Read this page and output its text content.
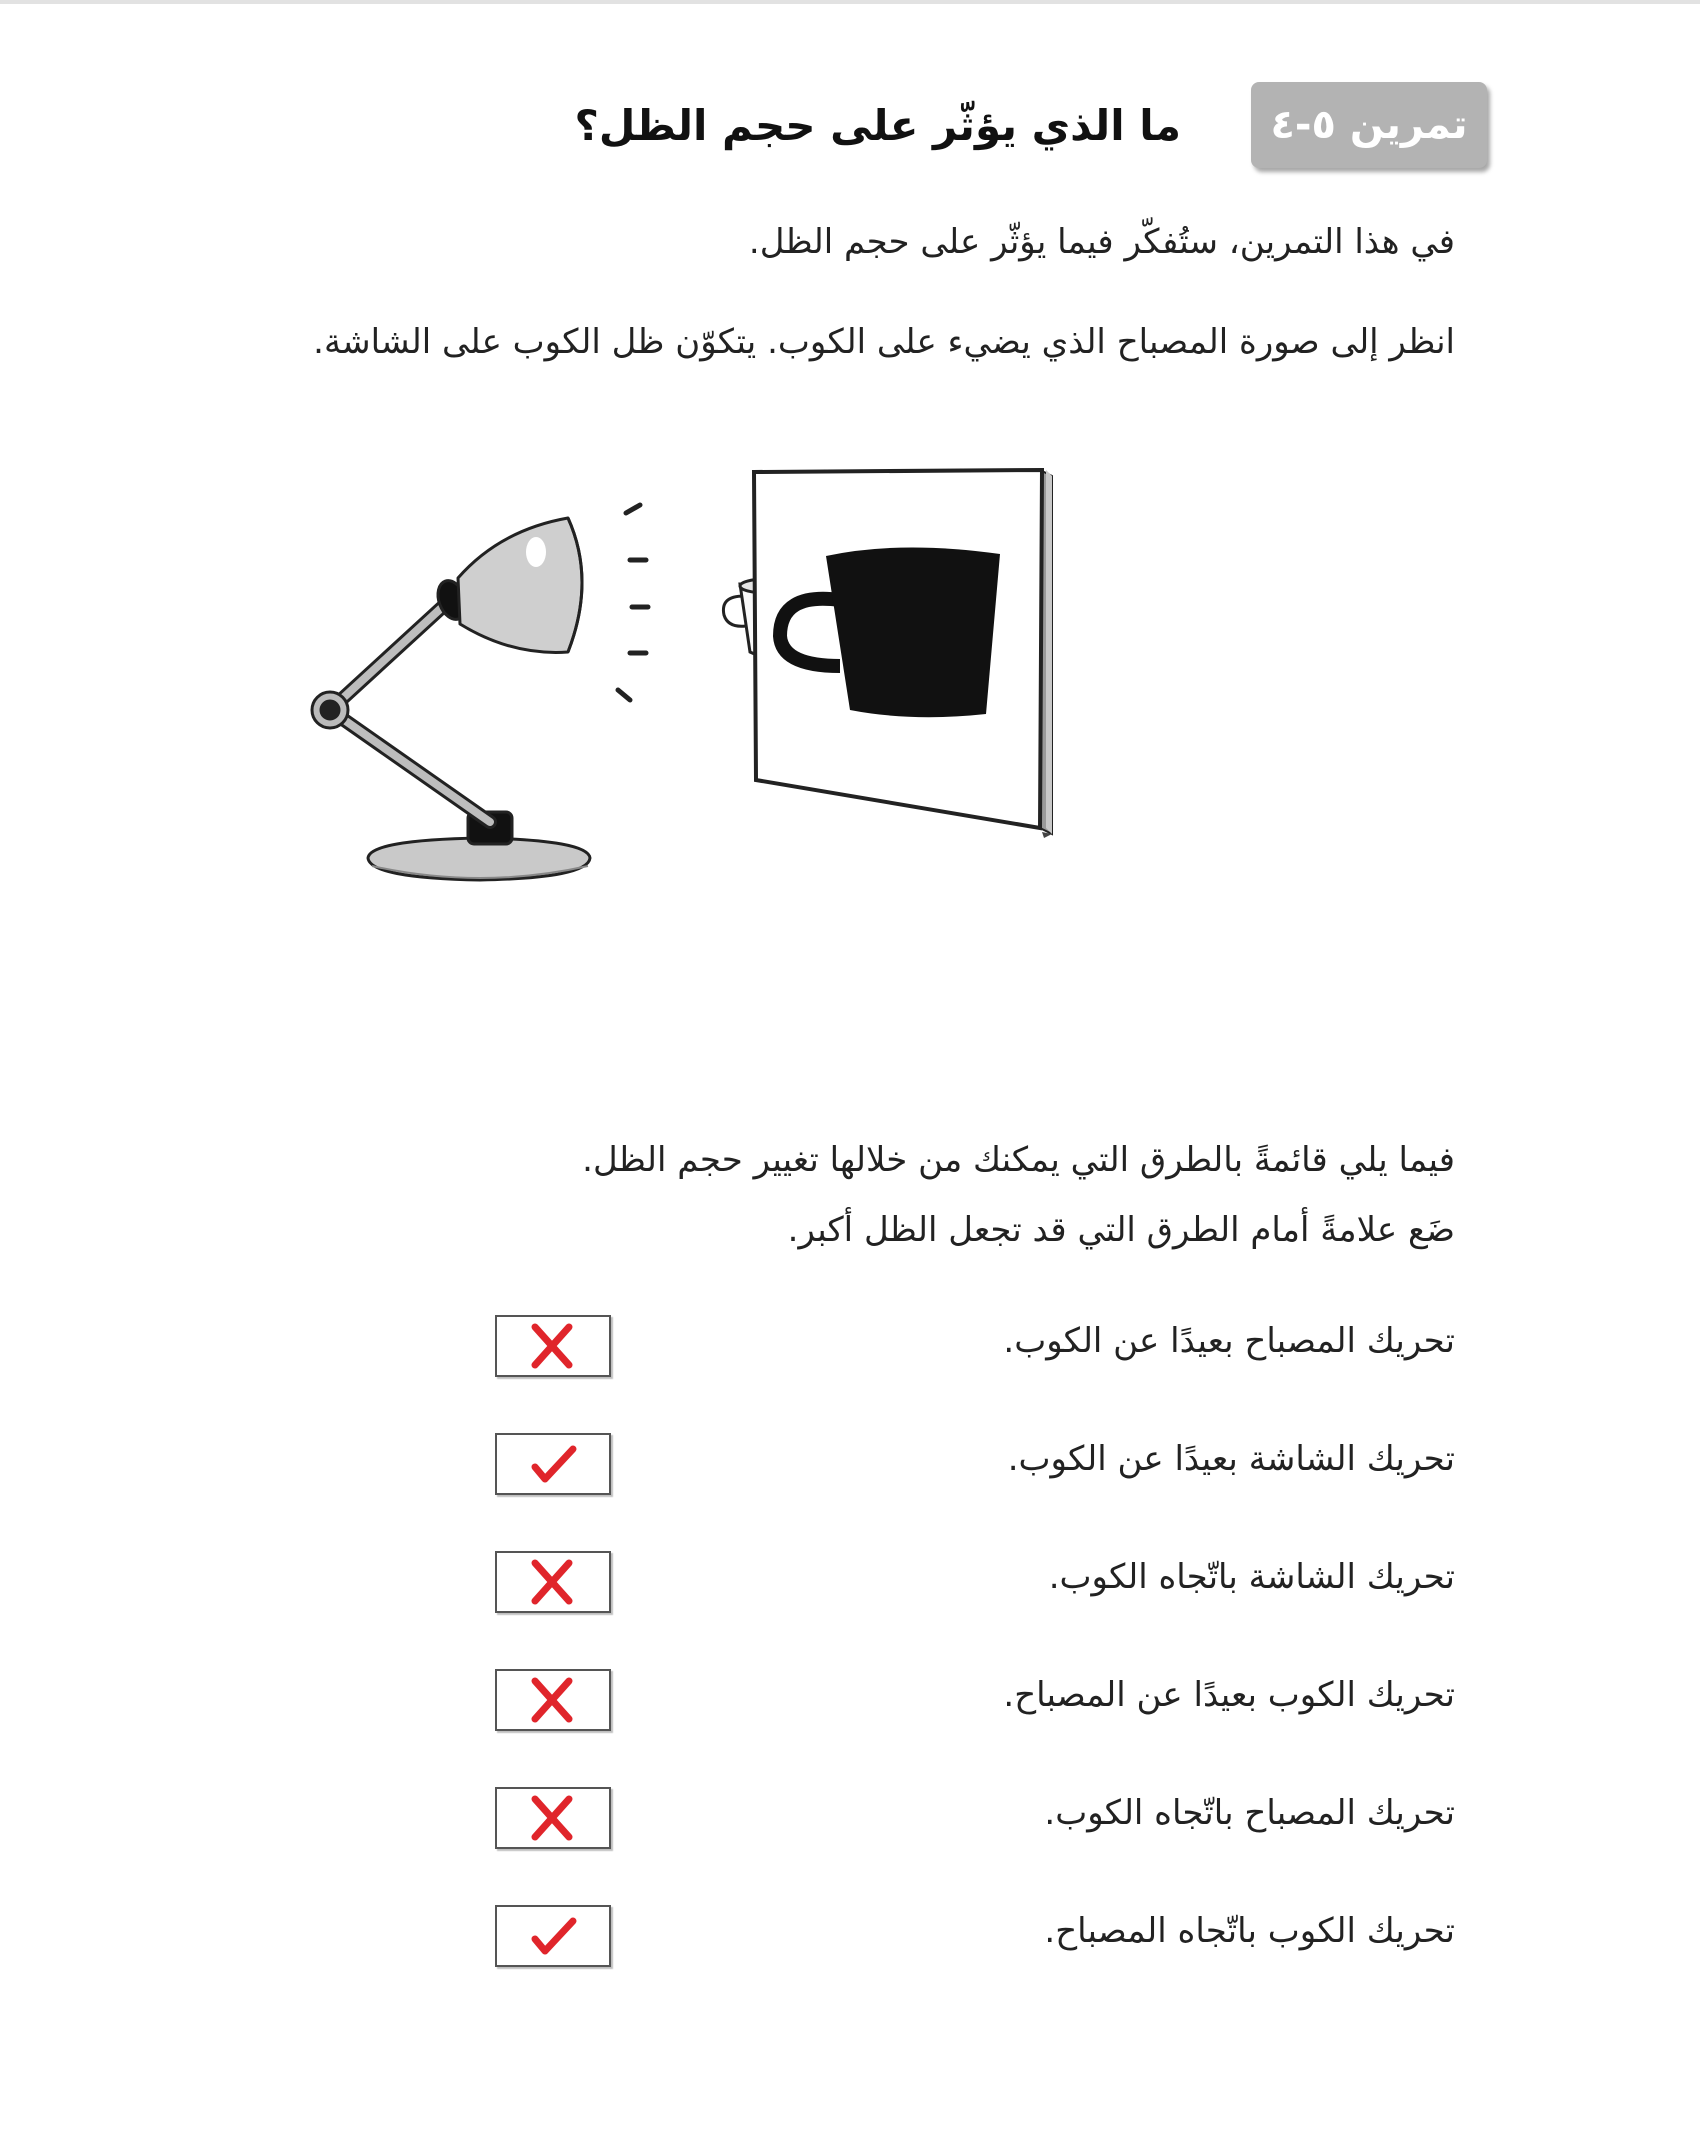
تمرين ٥-٤
ما الذي يؤثّر على حجم الظل؟
في هذا التمرين، ستُفكّر فيما يؤثّر على حجم الظل.
انظر إلى صورة المصباح الذي يضيء على الكوب. يتكوّن ظل الكوب على الشاشة.
فيما يلي قائمةً بالطرق التي يمكنك من خلالها تغيير حجم الظل.
ضَع علامةً أمام الطرق التي قد تجعل الظل أكبر.
تحريك المصباح بعيدًا عن الكوب.
تحريك الشاشة بعيدًا عن الكوب.
تحريك الشاشة باتّجاه الكوب.
تحريك الكوب بعيدًا عن المصباح.
تحريك المصباح باتّجاه الكوب.
تحريك الكوب باتّجاه المصباح.
